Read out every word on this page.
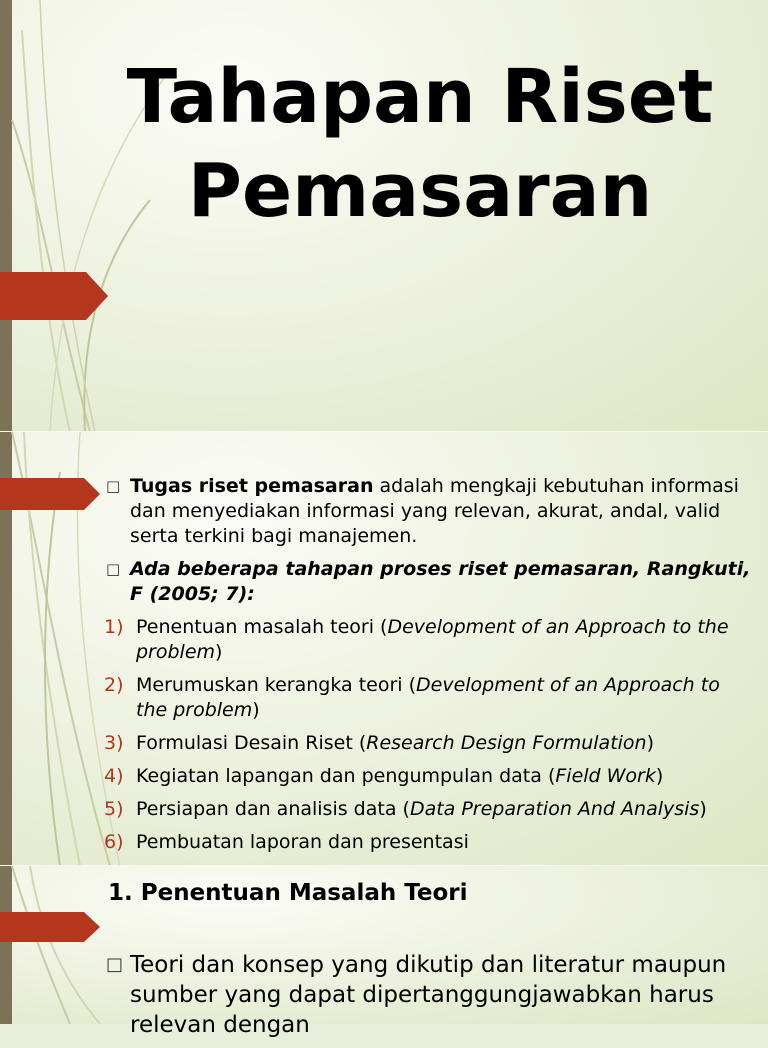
Tahapan Riset Pemasaran
□ Tugas riset pemasaran adalah mengkaji kebutuhan informasi dan menyediakan informasi yang relevan, akurat, andal, valid serta terkini bagi manajemen.
□ Ada beberapa tahapan proses riset pemasaran, Rangkuti, F (2005; 7):
1) Penentuan masalah teori (Development of an Approach to the problem)
2) Merumuskan kerangka teori (Development of an Approach to the problem)
3) Formulasi Desain Riset (Research Design Formulation)
4) Kegiatan lapangan dan pengumpulan data (Field Work)
5) Persiapan dan analisis data (Data Preparation And Analysis)
6) Pembuatan laporan dan presentasi
1. Penentuan Masalah Teori
□ Teori dan konsep yang dikutip dan literatur maupun sumber yang dapat dipertanggungjawabkan harus relevan dengan
